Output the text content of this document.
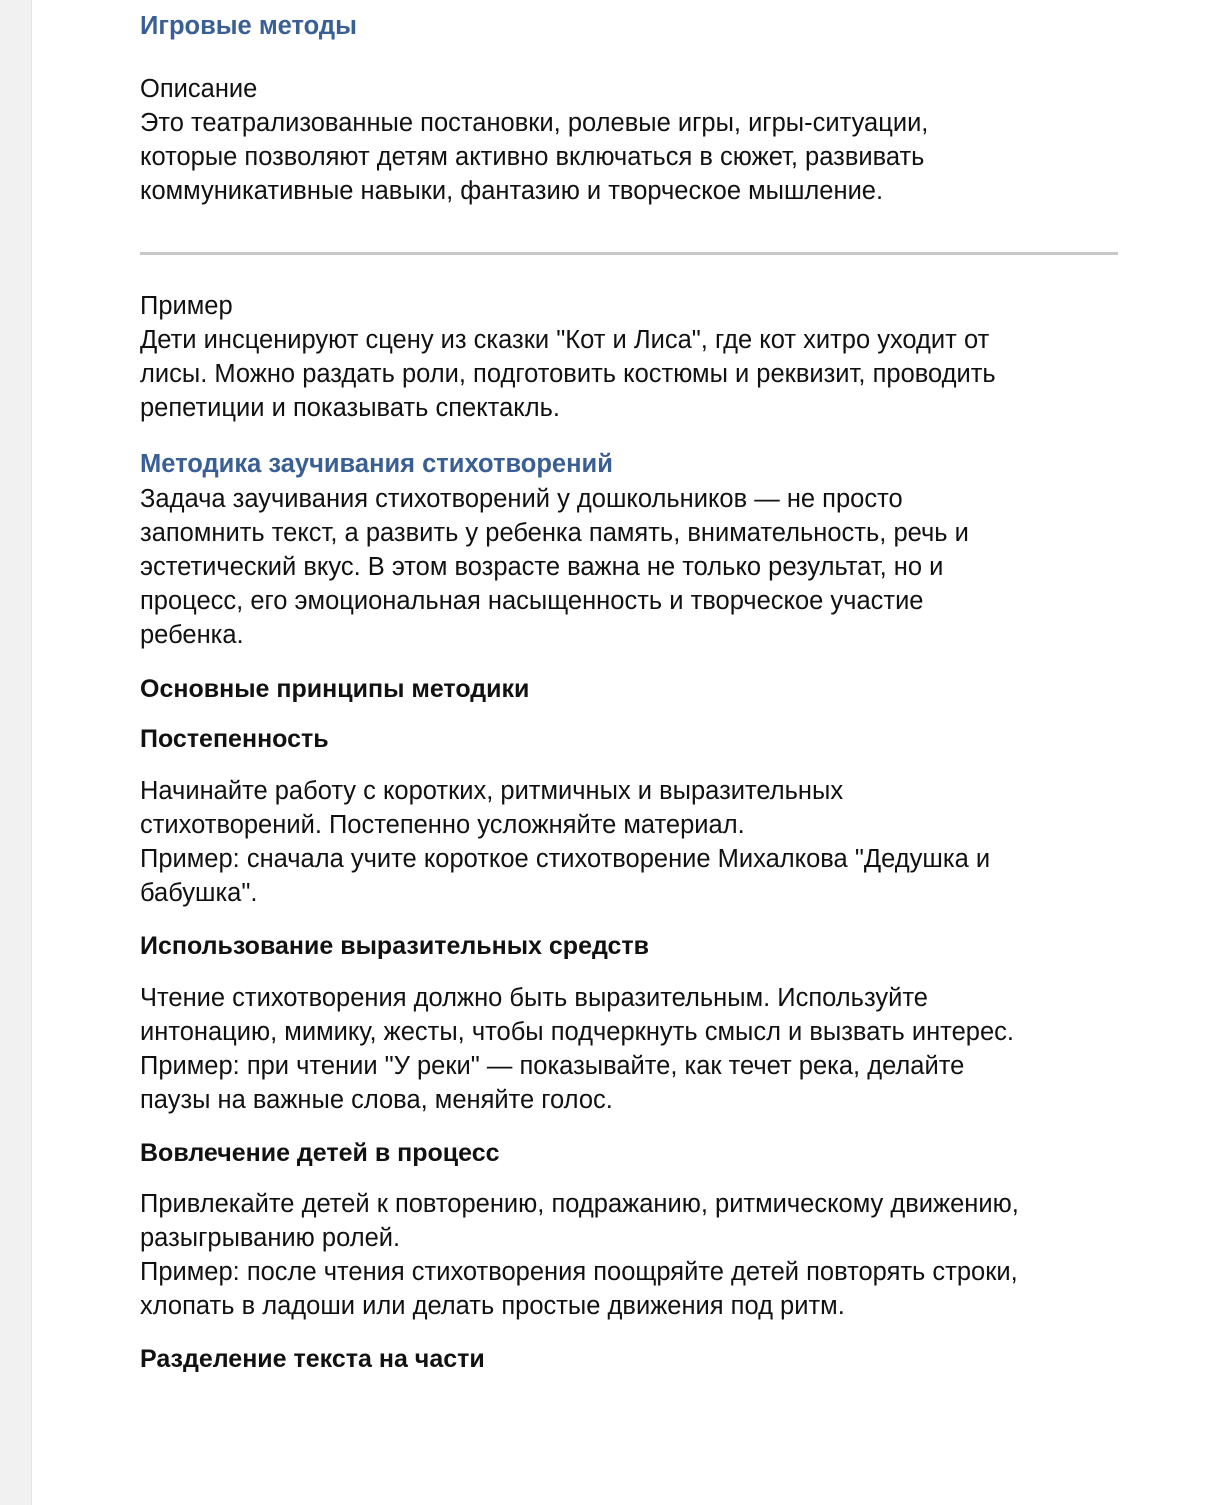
Игровые методы
Описание
Это театрализованные постановки, ролевые игры, игры-ситуации,
которые позволяют детям активно включаться в сюжет, развивать
коммуникативные навыки, фантазию и творческое мышление.
Пример
Дети инсценируют сцену из сказки "Кот и Лиса", где кот хитро уходит от
лисы. Можно раздать роли, подготовить костюмы и реквизит, проводить
репетиции и показывать спектакль.
Методика заучивания стихотворений
Задача заучивания стихотворений у дошкольников — не просто
запомнить текст, а развить у ребенка память, внимательность, речь и
эстетический вкус. В этом возрасте важна не только результат, но и
процесс, его эмоциональная насыщенность и творческое участие
ребенка.
Основные принципы методики
Постепенность
Начинайте работу с коротких, ритмичных и выразительных
стихотворений. Постепенно усложняйте материал.
Пример: сначала учите короткое стихотворение Михалкова "Дедушка и
бабушка".
Использование выразительных средств
Чтение стихотворения должно быть выразительным. Используйте
интонацию, мимику, жесты, чтобы подчеркнуть смысл и вызвать интерес.
Пример: при чтении "У реки" — показывайте, как течет река, делайте
паузы на важные слова, меняйте голос.
Вовлечение детей в процесс
Привлекайте детей к повторению, подражанию, ритмическому движению,
разыгрыванию ролей.
Пример: после чтения стихотворения поощряйте детей повторять строки,
хлопать в ладоши или делать простые движения под ритм.
Разделение текста на части
